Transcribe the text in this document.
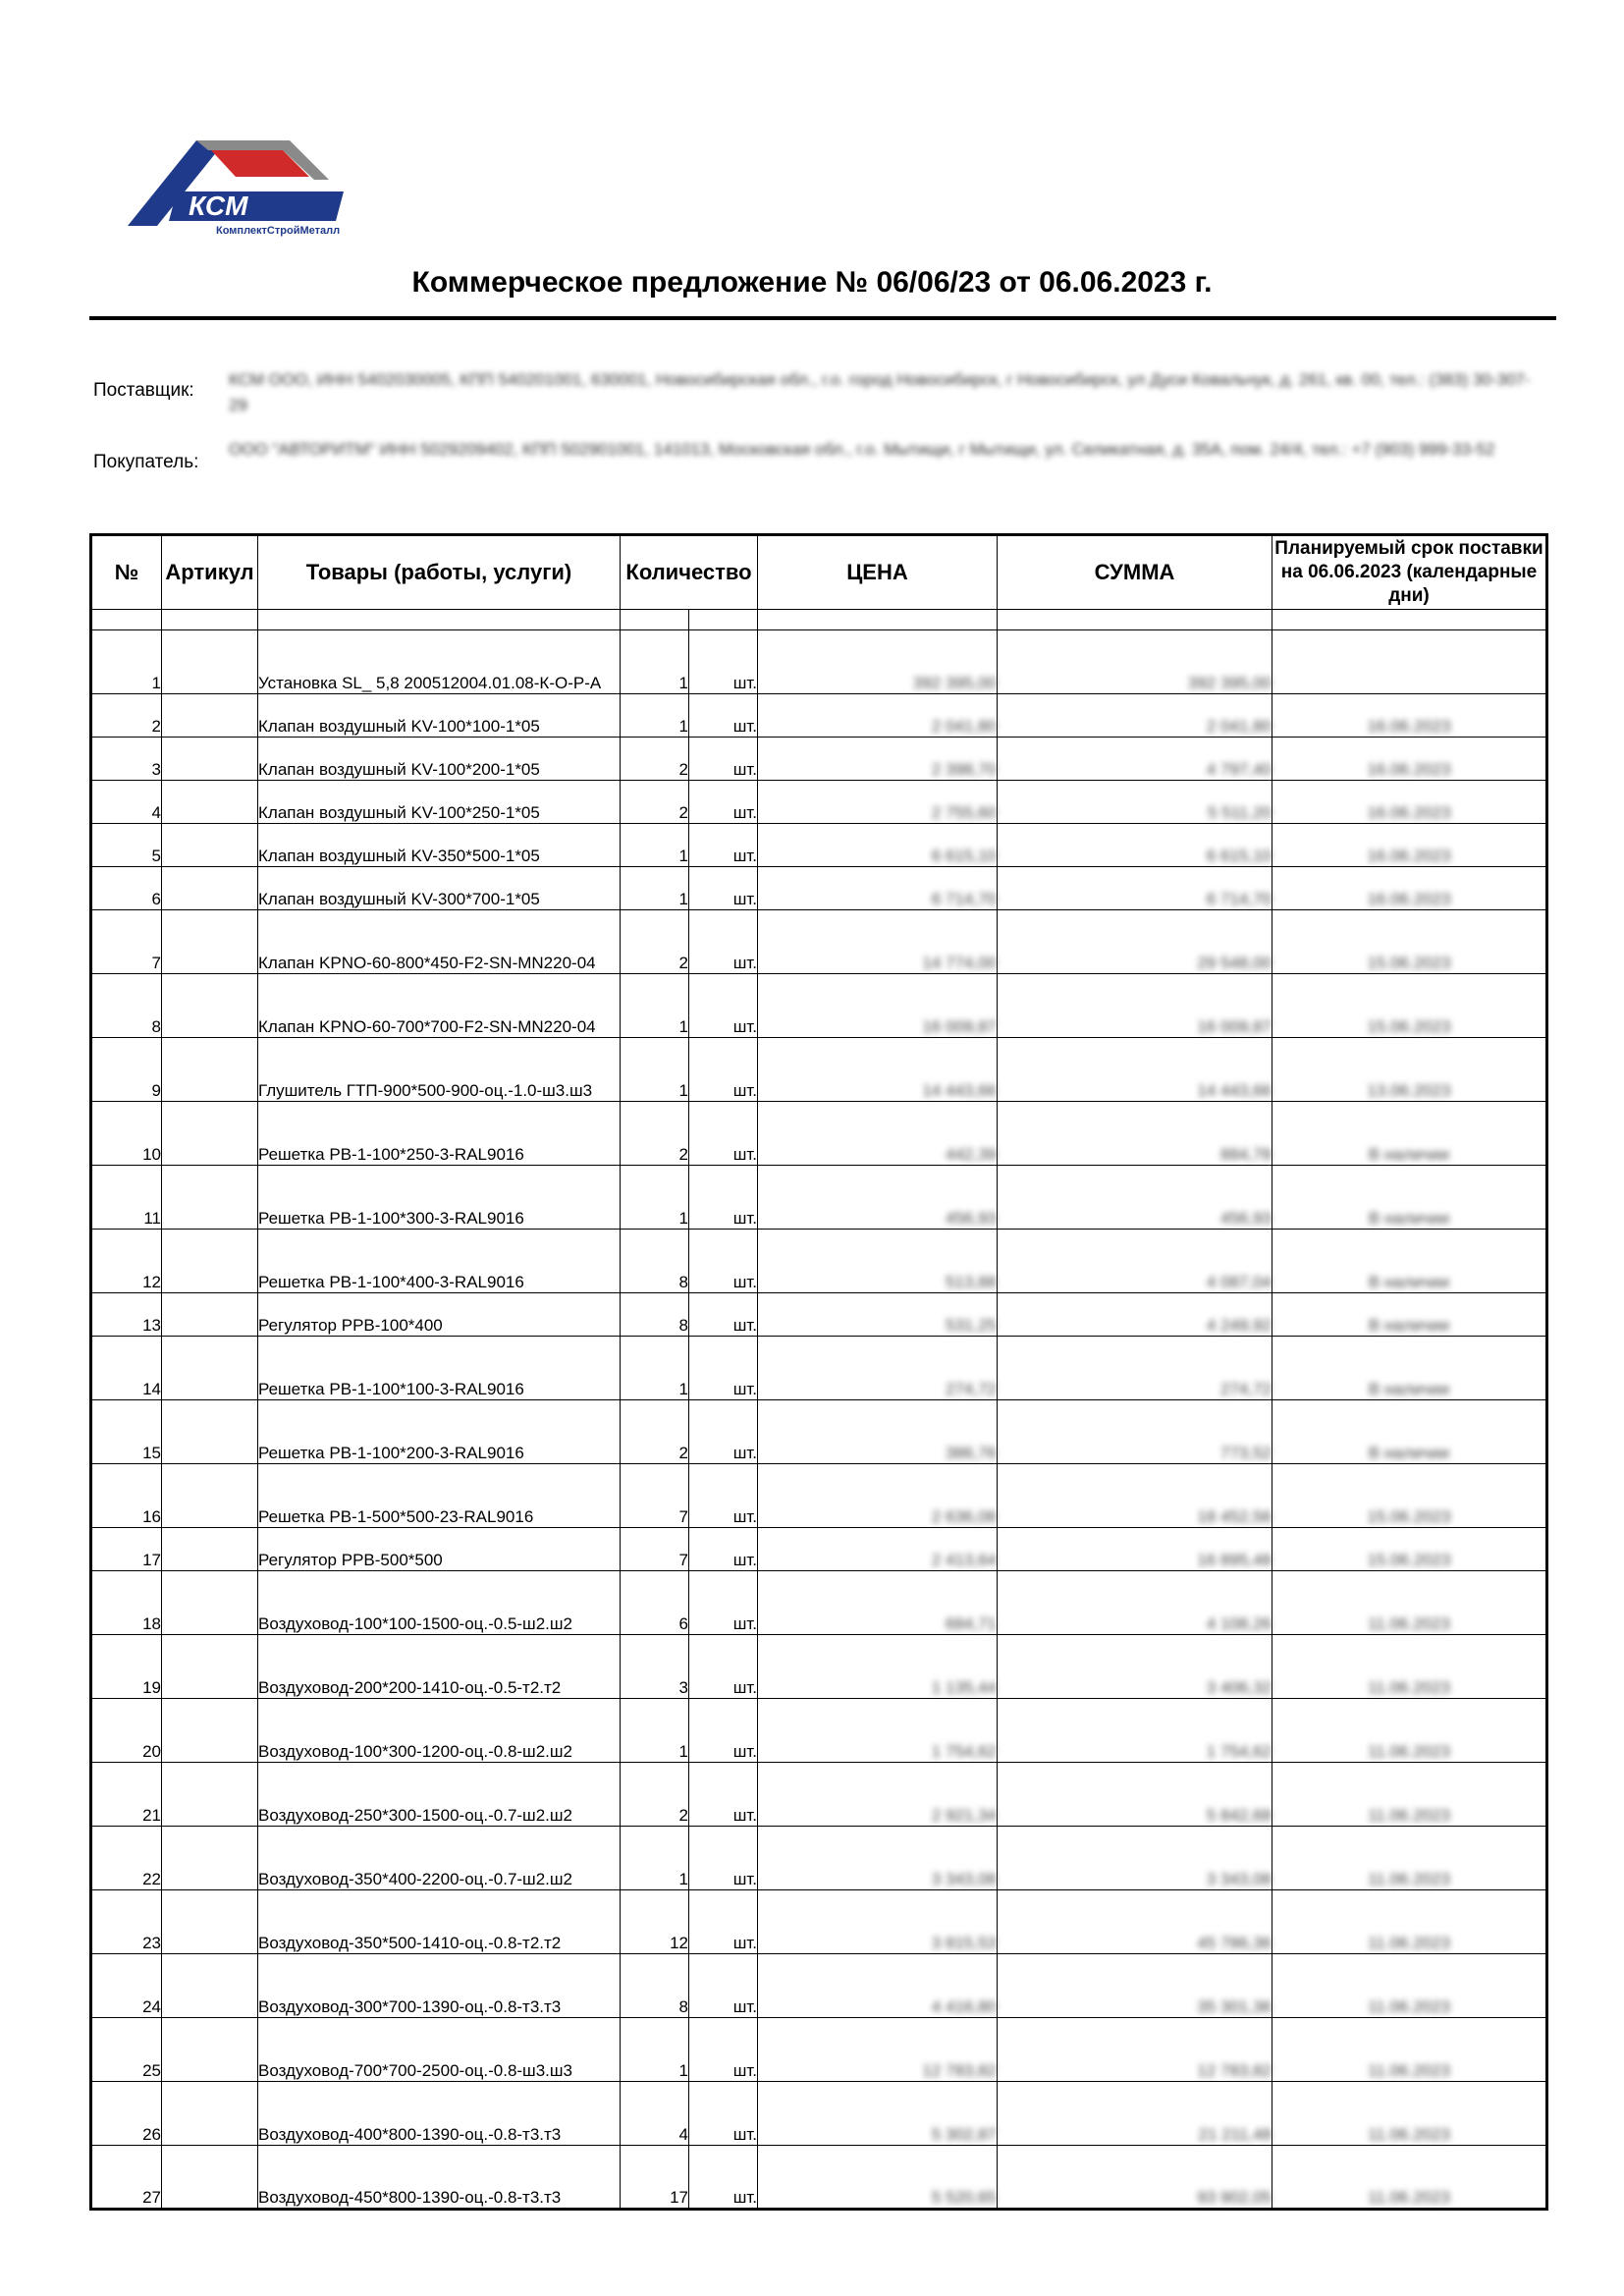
КСМ
КомплектСтройМеталл
Коммерческое предложение № 06/06/23 от 06.06.2023 г.
Поставщик:
КСМ ОOO, ИНН 5402030005, КПП 540201001, 630001, Новосибирская обл., г.о. город Новосибирск, г Новосибирск, ул Дуси Ковальчук, д. 261, кв. 00, тел.: (383) 30-307-29
Покупатель:
ООО "АВТОРИТМ" ИНН 5029209402, КПП 502901001, 141013, Московская обл., г.о. Мытищи, г Мытищи, ул. Селикатная, д. 35А, пом. 24/4, тел.: +7 (903) 999-33-52
№	Артикул	Товары (работы, услуги)	Количество		ЦЕНА	СУММА	Планируемый срок поставки на 06.06.2023 (календарные дни)

1		Установка SL_ 5,8 200512004.01.08-К-О-Р-А	1	шт.	392 395,00	392 395,00	
2		Клапан воздушный KV-100*100-1*05	1	шт.	2 041,80	2 041,80	16.06.2023
3		Клапан воздушный KV-100*200-1*05	2	шт.	2 398,70	4 797,40	16.06.2023
4		Клапан воздушный KV-100*250-1*05	2	шт.	2 755,60	5 511,20	16.06.2023
5		Клапан воздушный KV-350*500-1*05	1	шт.	6 615,10	6 615,10	16.06.2023
6		Клапан воздушный KV-300*700-1*05	1	шт.	6 714,70	6 714,70	16.06.2023
7		Клапан KPNO-60-800*450-F2-SN-MN220-04	2	шт.	14 774,00	29 548,00	15.06.2023
8		Клапан KPNO-60-700*700-F2-SN-MN220-04	1	шт.	16 009,87	16 009,87	15.06.2023
9		Глушитель ГТП-900*500-900-оц.-1.0-ш3.ш3	1	шт.	14 443,66	14 443,66	13.06.2023
10		Решетка РВ-1-100*250-3-RAL9016	2	шт.	442,39	884,78	В наличии
11		Решетка РВ-1-100*300-3-RAL9016	1	шт.	456,93	456,93	В наличии
12		Решетка РВ-1-100*400-3-RAL9016	8	шт.	513,88	4 087,04	В наличии
13		Регулятор РРВ-100*400	8	шт.	531,25	4 249,92	В наличии
14		Решетка РВ-1-100*100-3-RAL9016	1	шт.	274,72	274,72	В наличии
15		Решетка РВ-1-100*200-3-RAL9016	2	шт.	386,76	773,52	В наличии
16		Решетка РВ-1-500*500-23-RAL9016	7	шт.	2 636,08	18 452,56	15.06.2023
17		Регулятор РРВ-500*500	7	шт.	2 413,64	16 895,48	15.06.2023
18		Воздуховод-100*100-1500-оц.-0.5-ш2.ш2	6	шт.	684,71	4 108,26	11.06.2023
19		Воздуховод-200*200-1410-оц.-0.5-т2.т2	3	шт.	1 135,44	3 406,32	11.06.2023
20		Воздуховод-100*300-1200-оц.-0.8-ш2.ш2	1	шт.	1 754,62	1 754,62	11.06.2023
21		Воздуховод-250*300-1500-оц.-0.7-ш2.ш2	2	шт.	2 921,34	5 842,68	11.06.2023
22		Воздуховод-350*400-2200-оц.-0.7-ш2.ш2	1	шт.	3 343,08	3 343,08	11.06.2023
23		Воздуховод-350*500-1410-оц.-0.8-т2.т2	12	шт.	3 815,53	45 786,36	11.06.2023
24		Воздуховод-300*700-1390-оц.-0.8-т3.т3	8	шт.	4 416,80	35 301,36	11.06.2023
25		Воздуховод-700*700-2500-оц.-0.8-ш3.ш3	1	шт.	12 783,82	12 783,82	11.06.2023
26		Воздуховод-400*800-1390-оц.-0.8-т3.т3	4	шт.	5 302,87	21 211,48	11.06.2023
27		Воздуховод-450*800-1390-оц.-0.8-т3.т3	17	шт.	5 520,65	93 902,05	11.06.2023
